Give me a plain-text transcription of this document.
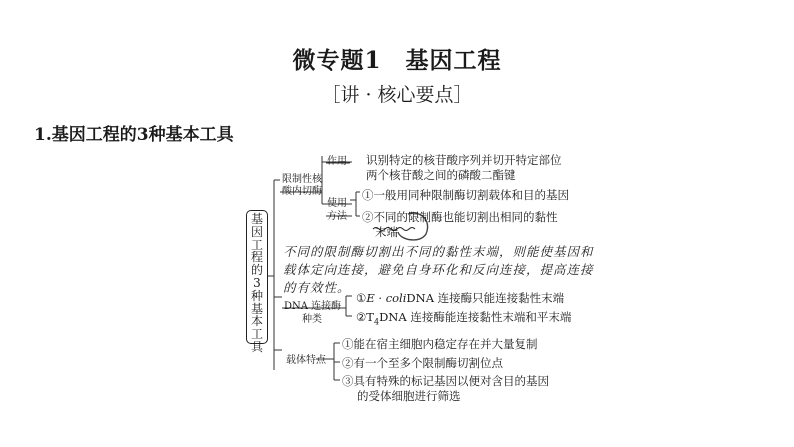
微专题1　基因工程
［讲 · 核心要点］
1.基因工程的3种基本工具
基
因
工
程
的
3
种
基
本
工
具
限制性核
酸内切酶
作用 识别特定的核苷酸序列并切开特定部位
两个核苷酸之间的磷酸二酯键
使用
方法
①一般用同种限制酶切割载体和目的基因
②不同的限制酶也能切割出相同的黏性
末端
不同的限制酶切割出不同的黏性末端，则能使基因和
载体定向连接，避免自身环化和反向连接，提高连接
的有效性。
DNA 连接酶
种类
①E · coliDNA 连接酶只能连接黏性末端
$②T_4DNA$ 连接酶能连接黏性末端和平末端
载体特点
①能在宿主细胞内稳定存在并大量复制
②有一个至多个限制酶切割位点
③具有特殊的标记基因以便对含目的基因
的受体细胞进行筛选
